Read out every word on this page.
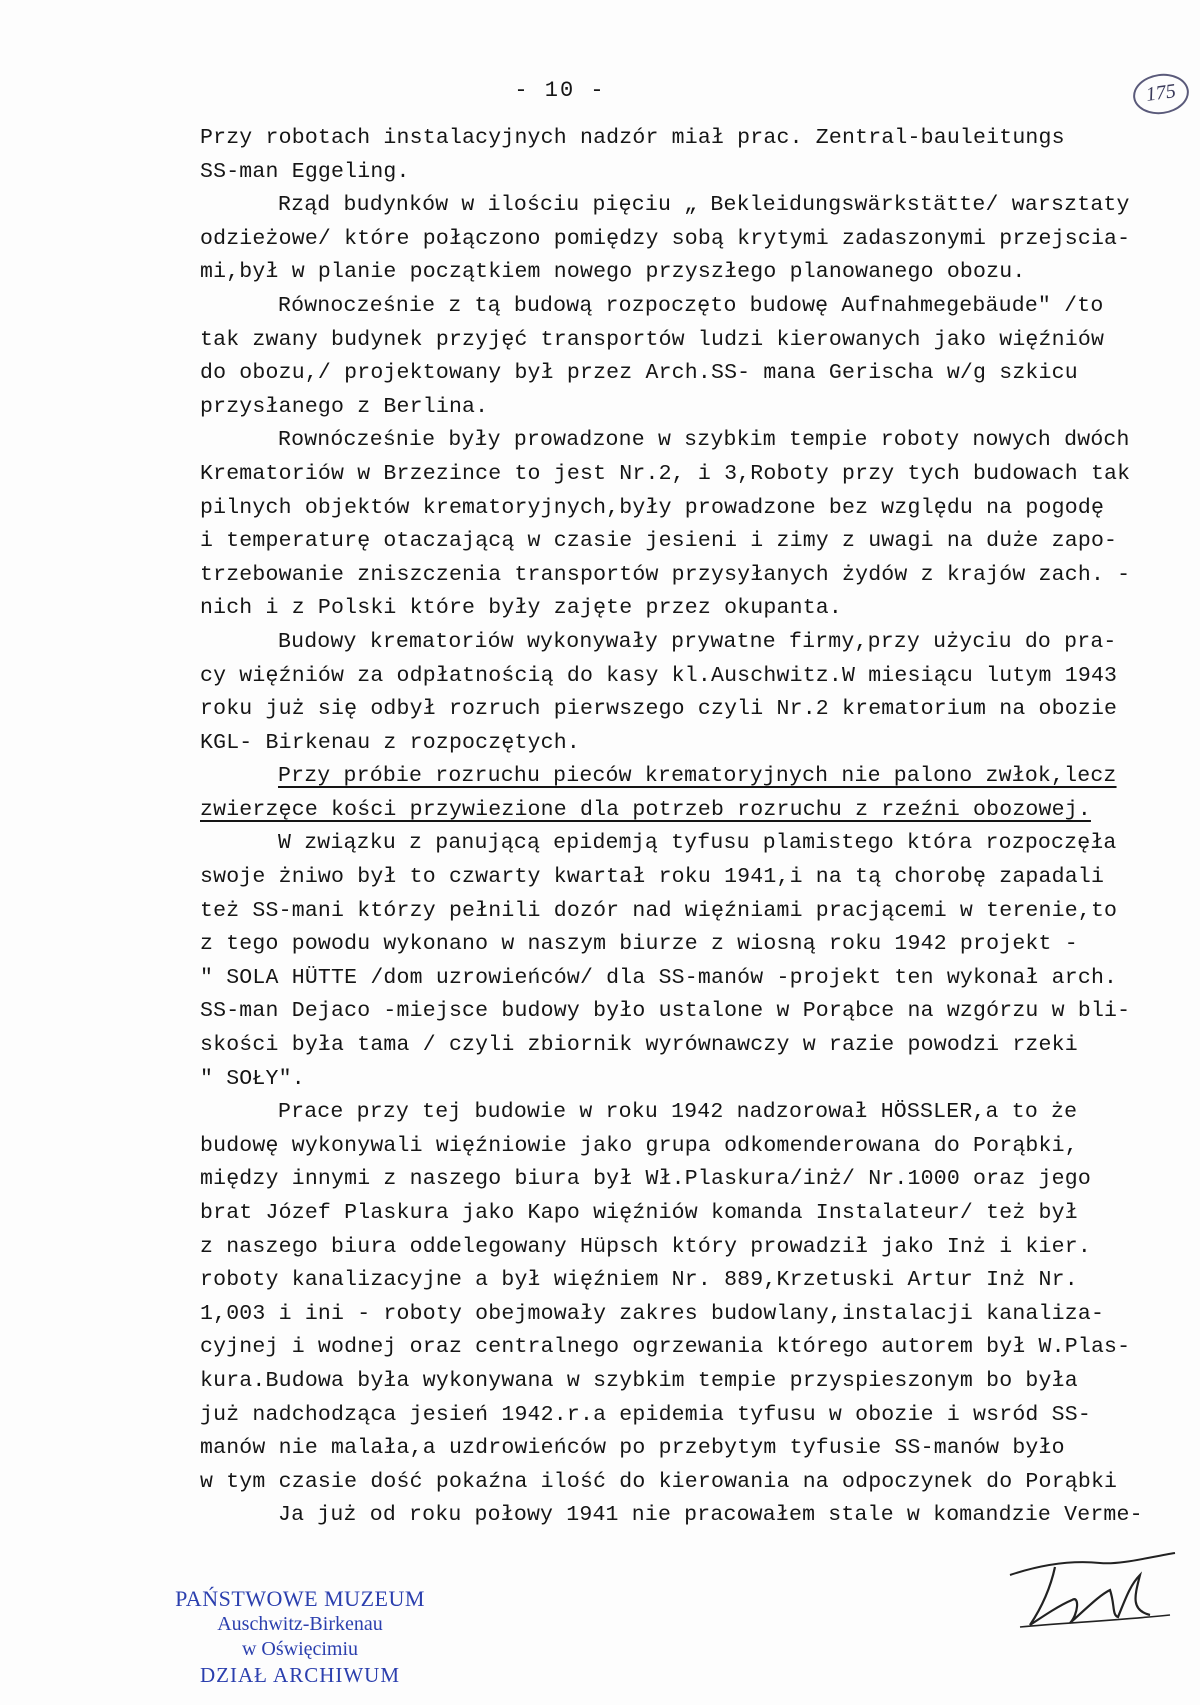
- 10 -	175
Przy robotach instalacyjnych nadzór miał prac. Zentral-bauleitungs
SS-man Eggeling.
Rząd budynków w ilościu pięciu „ Bekleidungswärkstätte/ warsztaty
odzieżowe/ które połączono pomiędzy sobą krytymi zadaszonymi przejscia-
mi,był w planie początkiem nowego przyszłego planowanego obozu.
Równocześnie z tą budową rozpoczęto budowę Aufnahmegebäude" /to
tak zwany budynek przyjęć transportów ludzi kierowanych jako więźniów
do obozu,/ projektowany był przez Arch.SS- mana Gerischa w/g szkicu
przysłanego z Berlina.
Rownócześnie były prowadzone w szybkim tempie roboty nowych dwóch
Krematoriów w Brzezince to jest Nr.2, i 3,Roboty przy tych budowach tak
pilnych objektów krematoryjnych,były prowadzone bez względu na pogodę
i temperaturę otaczającą w czasie jesieni i zimy z uwagi na duże zapo-
trzebowanie zniszczenia transportów przysyłanych żydów z krajów zach. -
nich i z Polski które były zajęte przez okupanta.
Budowy krematoriów wykonywały prywatne firmy,przy użyciu do pra-
cy więźniów za odpłatnością do kasy kl.Auschwitz.W miesiącu lutym 1943
roku już się odbył rozruch pierwszego czyli Nr.2 krematorium na obozie
KGL- Birkenau z rozpoczętych.
Przy próbie rozruchu pieców krematoryjnych nie palono zwłok,lecz
zwierzęce kości przywiezione dla potrzeb rozruchu z rzeźni obozowej.
W związku z panującą epidemją tyfusu plamistego która rozpoczęła
swoje żniwo był to czwarty kwartał roku 1941,i na tą chorobę zapadali
też SS-mani którzy pełnili dozór nad więźniami pracjącemi w terenie,to
z tego powodu wykonano w naszym biurze z wiosną roku 1942 projekt -
" SOLA HÜTTE /dom uzrowieńców/ dla SS-manów -projekt ten wykonał arch.
SS-man Dejaco -miejsce budowy było ustalone w Porąbce na wzgórzu w bli-
skości była tama / czyli zbiornik wyrównawczy w razie powodzi rzeki
" SOŁY".
Prace przy tej budowie w roku 1942 nadzorował HÖSSLER,a to że
budowę wykonywali więźniowie jako grupa odkomenderowana do Porąbki,
między innymi z naszego biura był Wł.Plaskura/inż/ Nr.1000 oraz jego
brat Józef Plaskura jako Kapo więźniów komanda Instalateur/ też był
z naszego biura oddelegowany Hüpsch który prowadził jako Inż i kier.
roboty kanalizacyjne a był więźniem Nr. 889,Krzetuski Artur Inż Nr.
1,003 i ini - roboty obejmowały zakres budowlany,instalacji kanaliza-
cyjnej i wodnej oraz centralnego ogrzewania którego autorem był W.Plas-
kura.Budowa była wykonywana w szybkim tempie przyspieszonym bo była
już nadchodząca jesień 1942.r.a epidemia tyfusu w obozie i wsród SS-
manów nie malała,a uzdrowieńców po przebytym tyfusie SS-manów było
w tym czasie dość pokaźna ilość do kierowania na odpoczynek do Porąbki
Ja już od roku połowy 1941 nie pracowałem stale w komandzie Verme-
PAŃSTWOWE MUZEUM
Auschwitz-Birkenau
w Oświęcimiu
DZIAŁ ARCHIWUM
